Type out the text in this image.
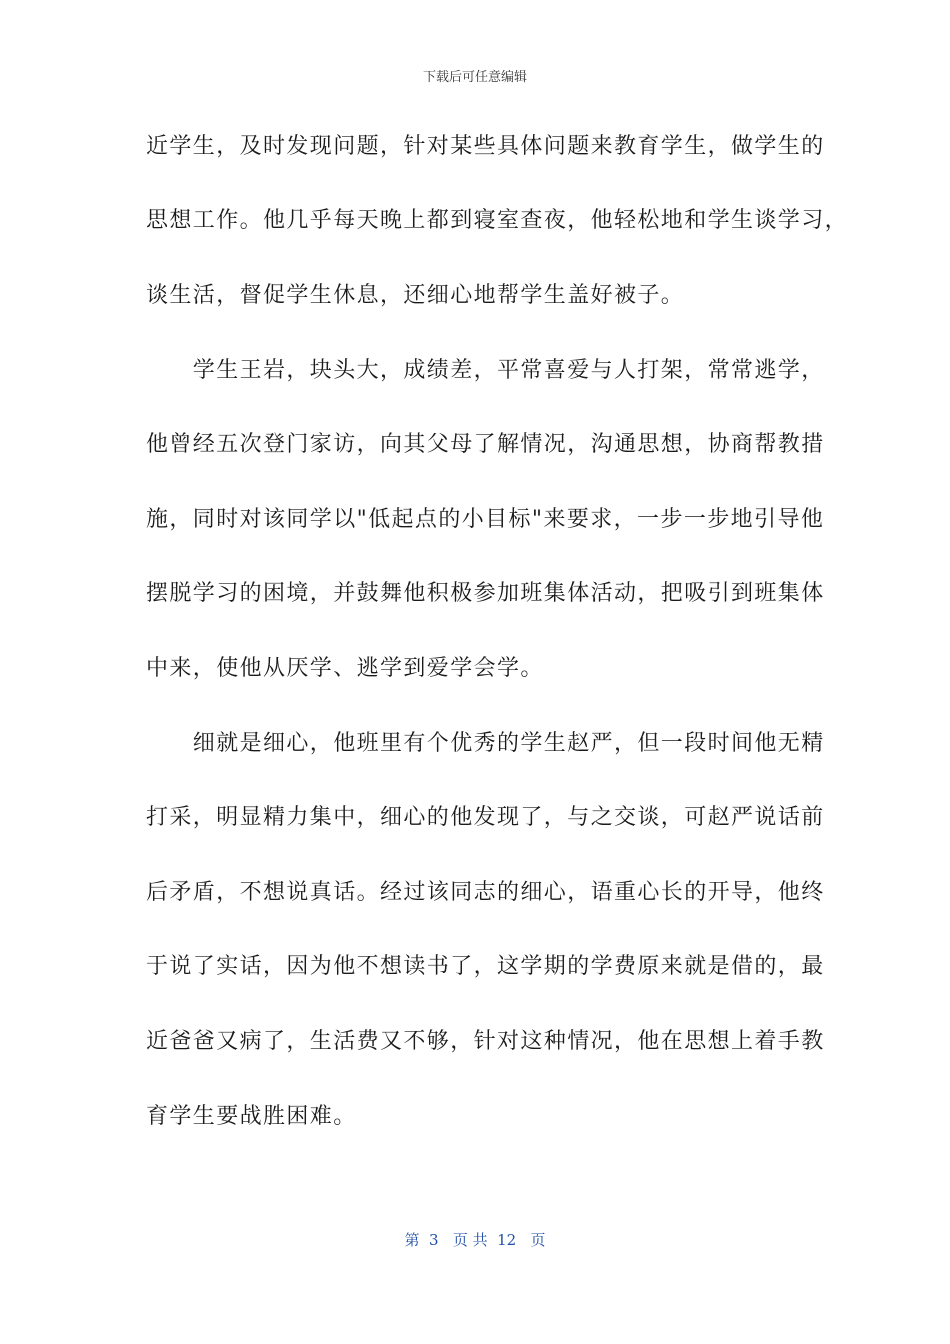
下载后可任意编辑
近学生，及时发现问题，针对某些具体问题来教育学生，做学生的
思想工作。他几乎每天晚上都到寝室查夜，他轻松地和学生谈学习，
谈生活，督促学生休息，还细心地帮学生盖好被子。
　　学生王岩，块头大，成绩差，平常喜爱与人打架，常常逃学，
他曾经五次登门家访，向其父母了解情况，沟通思想，协商帮教措
施，同时对该同学以"低起点的小目标"来要求，一步一步地引导他
摆脱学习的困境，并鼓舞他积极参加班集体活动，把吸引到班集体
中来，使他从厌学、逃学到爱学会学。
　　细就是细心，他班里有个优秀的学生赵严，但一段时间他无精
打采，明显精力集中，细心的他发现了，与之交谈，可赵严说话前
后矛盾，不想说真话。经过该同志的细心，语重心长的开导，他终
于说了实话，因为他不想读书了，这学期的学费原来就是借的，最
近爸爸又病了，生活费又不够，针对这种情况，他在思想上着手教
育学生要战胜困难。
第  3   页 共  12   页
